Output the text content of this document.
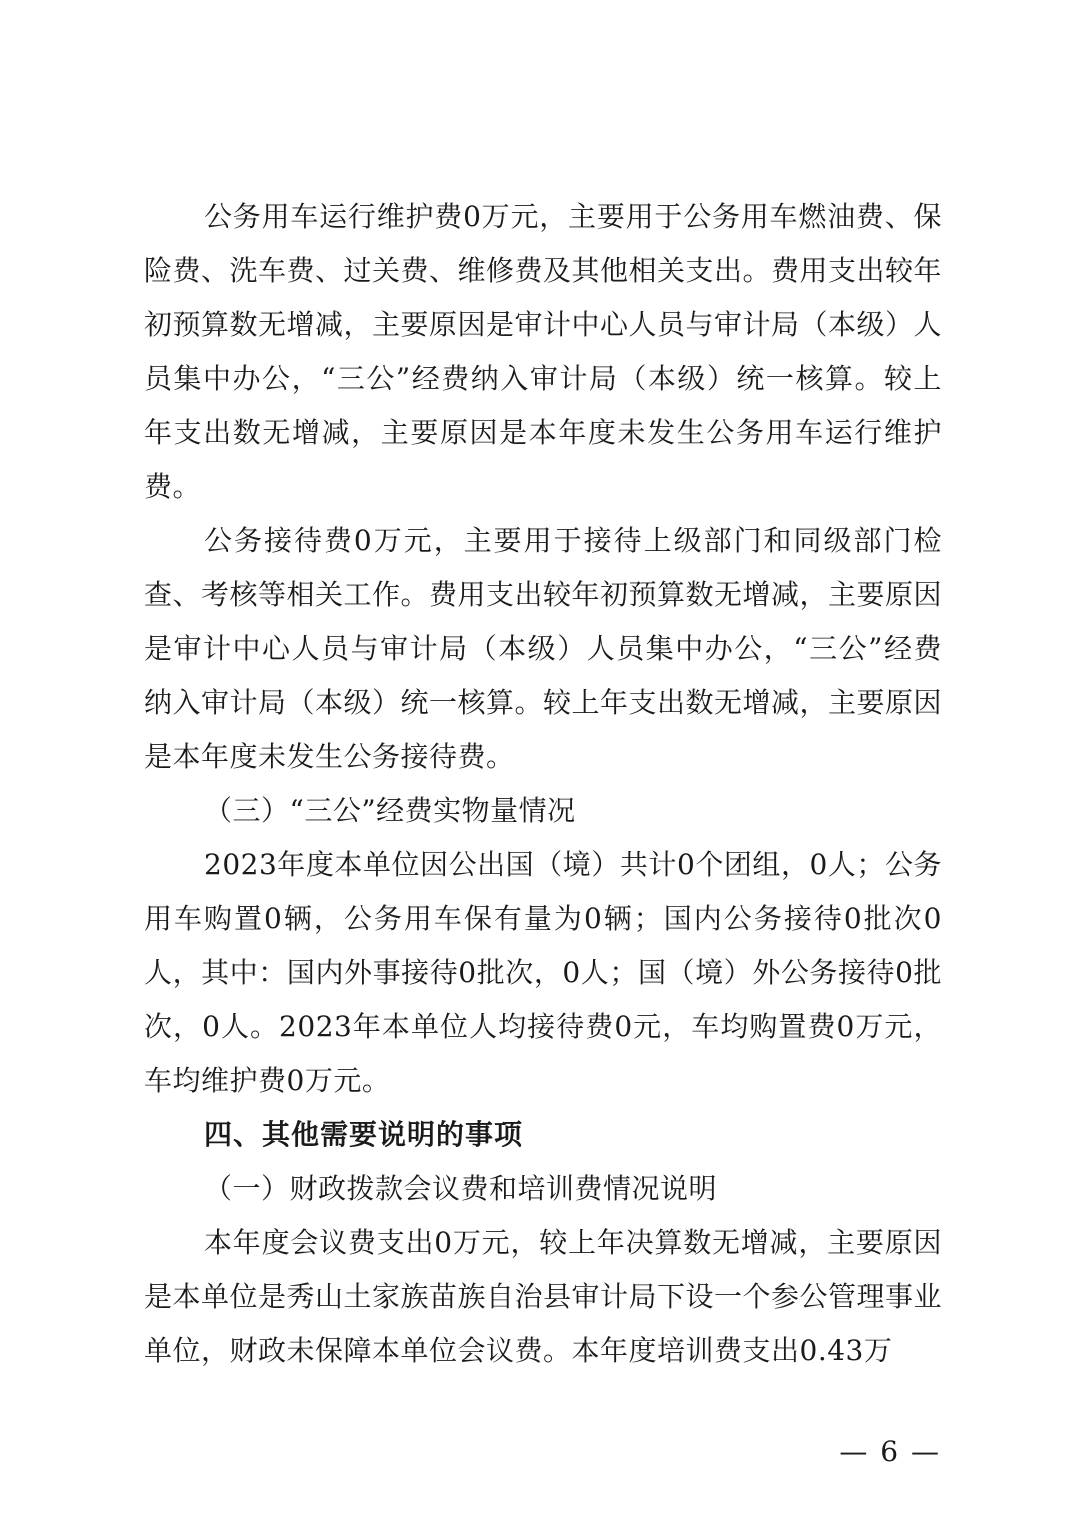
公务用车运行维护费0万元，主要用于公务用车燃油费、保险费、洗车费、过关费、维修费及其他相关支出。费用支出较年初预算数无增减，主要原因是审计中心人员与审计局（本级）人员集中办公，“三公”经费纳入审计局（本级）统一核算。较上年支出数无增减，主要原因是本年度未发生公务用车运行维护费。

公务接待费0万元，主要用于接待上级部门和同级部门检查、考核等相关工作。费用支出较年初预算数无增减，主要原因是审计中心人员与审计局（本级）人员集中办公，“三公”经费纳入审计局（本级）统一核算。较上年支出数无增减，主要原因是本年度未发生公务接待费。

（三）“三公”经费实物量情况

2023年度本单位因公出国（境）共计0个团组，0人；公务用车购置0辆，公务用车保有量为0辆；国内公务接待0批次0人，其中：国内外事接待0批次，0人；国（境）外公务接待0批次，0人。2023年本单位人均接待费0元，车均购置费0万元，车均维护费0万元。

四、其他需要说明的事项

（一）财政拨款会议费和培训费情况说明

本年度会议费支出0万元，较上年决算数无增减，主要原因是本单位是秀山土家族苗族自治县审计局下设一个参公管理事业单位，财政未保障本单位会议费。本年度培训费支出0.43万

— 6 —
